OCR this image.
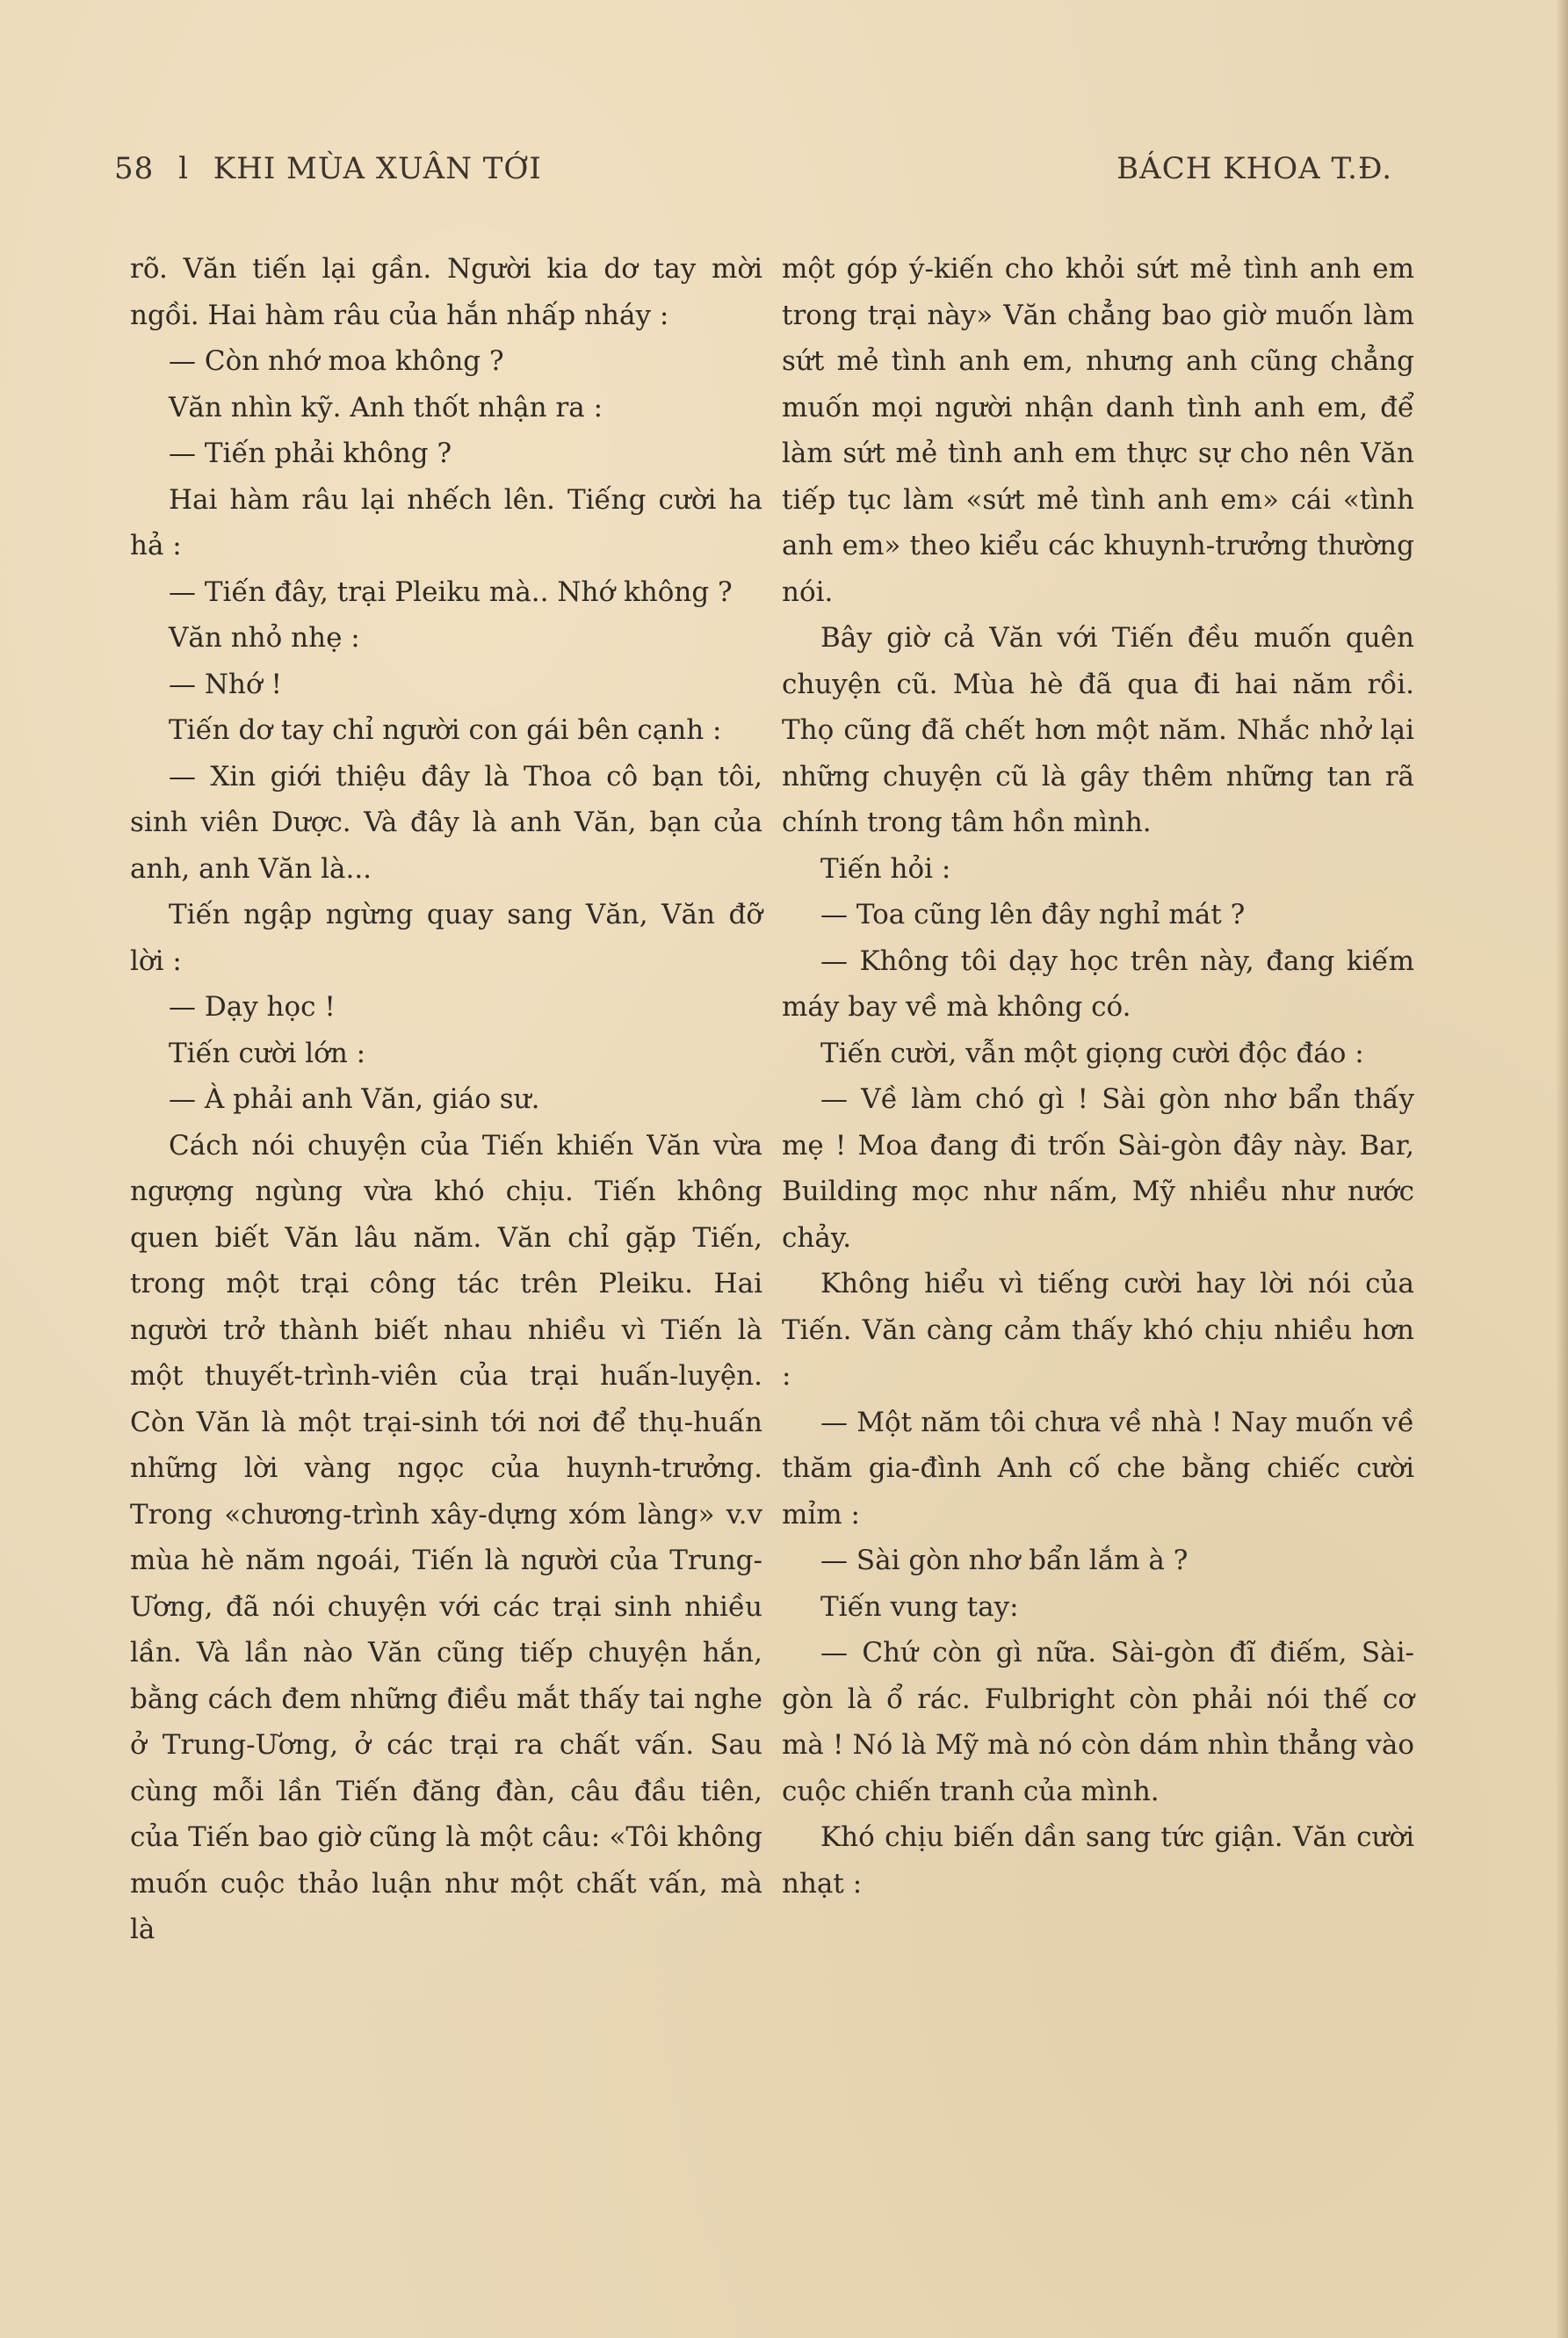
58 l KHI MÙA XUÂN TỚI	BÁCH KHOA T.Đ.

rõ. Văn tiến lại gần. Người kia dơ tay mời ngồi. Hai hàm râu của hắn nhấp nháy :

— Còn nhớ moa không ?

Văn nhìn kỹ. Anh thốt nhận ra :

— Tiến phải không ?

Hai hàm râu lại nhếch lên. Tiếng cười ha hả :

— Tiến đây, trại Pleiku mà.. Nhớ không ?

Văn nhỏ nhẹ :

— Nhớ !

Tiến dơ tay chỉ người con gái bên cạnh :

— Xin giới thiệu đây là Thoa cô bạn tôi, sinh viên Dược. Và đây là anh Văn, bạn của anh, anh Văn là...

Tiến ngập ngừng quay sang Văn, Văn đỡ lời :

— Dạy học !

Tiến cười lớn :

— À phải anh Văn, giáo sư.

Cách nói chuyện của Tiến khiến Văn vừa ngượng ngùng vừa khó chịu. Tiến không quen biết Văn lâu năm. Văn chỉ gặp Tiến, trong một trại công tác trên Pleiku. Hai người trở thành biết nhau nhiều vì Tiến là một thuyết-trình-viên của trại huấn-luyện. Còn Văn là một trại-sinh tới nơi để thụ-huấn những lời vàng ngọc của huynh-trưởng. Trong «chương-trình xây-dựng xóm làng» v.v mùa hè năm ngoái, Tiến là người của Trung-Ương, đã nói chuyện với các trại sinh nhiều lần. Và lần nào Văn cũng tiếp chuyện hắn, bằng cách đem những điều mắt thấy tai nghe ở Trung-Ương, ở các trại ra chất vấn. Sau cùng mỗi lần Tiến đăng đàn, câu đầu tiên, của Tiến bao giờ cũng là một câu: «Tôi không muốn cuộc thảo luận như một chất vấn, mà là

một góp ý-kiến cho khỏi sứt mẻ tình anh em trong trại này» Văn chẳng bao giờ muốn làm sứt mẻ tình anh em, nhưng anh cũng chẳng muốn mọi người nhận danh tình anh em, để làm sứt mẻ tình anh em thực sự cho nên Văn tiếp tục làm «sứt mẻ tình anh em» cái «tình anh em» theo kiểu các khuynh-trưởng thường nói.

Bây giờ cả Văn với Tiến đều muốn quên chuyện cũ. Mùa hè đã qua đi hai năm rồi. Thọ cũng đã chết hơn một năm. Nhắc nhở lại những chuyện cũ là gây thêm những tan rã chính trong tâm hồn mình.

Tiến hỏi :

— Toa cũng lên đây nghỉ mát ?

— Không tôi dạy học trên này, đang kiếm máy bay về mà không có.

Tiến cười, vẫn một giọng cười độc đáo :

— Về làm chó gì ! Sài gòn nhơ bẩn thấy mẹ ! Moa đang đi trốn Sài-gòn đây này. Bar, Building mọc như nấm, Mỹ nhiều như nước chảy.

Không hiểu vì tiếng cười hay lời nói của Tiến. Văn càng cảm thấy khó chịu nhiều hơn :

— Một năm tôi chưa về nhà ! Nay muốn về thăm gia-đình Anh cố che bằng chiếc cười mỉm :

— Sài gòn nhơ bẩn lắm à ?

Tiến vung tay:

— Chứ còn gì nữa. Sài-gòn đĩ điếm, Sài-gòn là ổ rác. Fulbright còn phải nói thế cơ mà ! Nó là Mỹ mà nó còn dám nhìn thẳng vào cuộc chiến tranh của mình.

Khó chịu biến dần sang tức giận. Văn cười nhạt :
